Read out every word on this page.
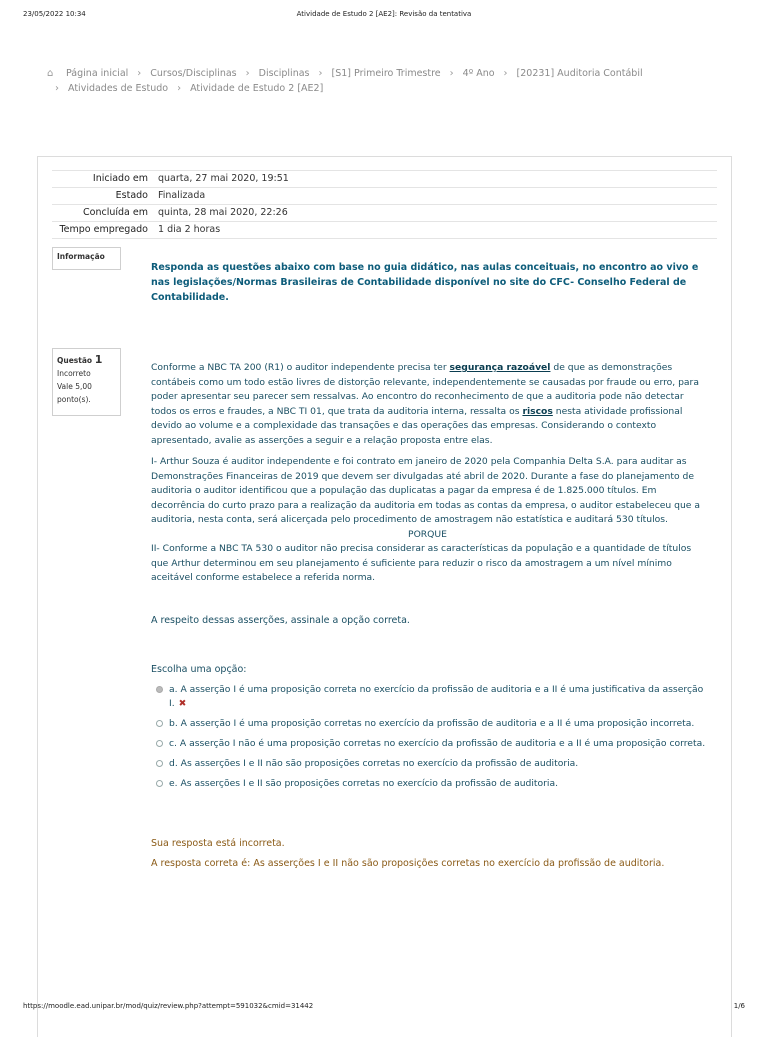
23/05/2022 10:34	Atividade de Estudo 2 [AE2]: Revisão da tentativa
⌂	Página inicial › Cursos/Disciplinas › Disciplinas › [S1] Primeiro Trimestre › 4º Ano › [20231] Auditoria Contábil
› Atividades de Estudo › Atividade de Estudo 2 [AE2]
Iniciado em	quarta, 27 mai 2020, 19:51
Estado	Finalizada
Concluída em	quinta, 28 mai 2020, 22:26
Tempo empregado	1 dia 2 horas
Informação
Responda as questões abaixo com base no guia didático, nas aulas conceituais, no encontro ao vivo e nas legislações/Normas Brasileiras de Contabilidade disponível no site do CFC- Conselho Federal de Contabilidade.
Questão 1
Incorreto
Vale 5,00 ponto(s).

Conforme a NBC TA 200 (R1) o auditor independente precisa ter segurança razoável de que as demonstrações contábeis como um todo estão livres de distorção relevante, independentemente se causadas por fraude ou erro, para poder apresentar seu parecer sem ressalvas. Ao encontro do reconhecimento de que a auditoria pode não detectar todos os erros e fraudes, a NBC TI 01, que trata da auditoria interna, ressalta os riscos nesta atividade profissional devido ao volume e a complexidade das transações e das operações das empresas. Considerando o contexto apresentado, avalie as asserções a seguir e a relação proposta entre elas.

I- Arthur Souza é auditor independente e foi contrato em janeiro de 2020 pela Companhia Delta S.A. para auditar as Demonstrações Financeiras de 2019 que devem ser divulgadas até abril de 2020. Durante a fase do planejamento de auditoria o auditor identificou que a população das duplicatas a pagar da empresa é de 1.825.000 títulos. Em decorrência do curto prazo para a realização da auditoria em todas as contas da empresa, o auditor estabeleceu que a auditoria, nesta conta, será alicerçada pelo procedimento de amostragem não estatística e auditará 530 títulos.

PORQUE

II- Conforme a NBC TA 530 o auditor não precisa considerar as características da população e a quantidade de títulos que Arthur determinou em seu planejamento é suficiente para reduzir o risco da amostragem a um nível mínimo aceitável conforme estabelece a referida norma.

A respeito dessas asserções, assinale a opção correta.
Escolha uma opção:
a. A asserção I é uma proposição correta no exercício da profissão de auditoria e a II é uma justificativa da asserção I. ✖
b. A asserção I é uma proposição corretas no exercício da profissão de auditoria e a II é uma proposição incorreta.
c. A asserção I não é uma proposição corretas no exercício da profissão de auditoria e a II é uma proposição correta.
d. As asserções I e II não são proposições corretas no exercício da profissão de auditoria.
e. As asserções I e II são proposições corretas no exercício da profissão de auditoria.
Sua resposta está incorreta.
A resposta correta é: As asserções I e II não são proposições corretas no exercício da profissão de auditoria.
https://moodle.ead.unipar.br/mod/quiz/review.php?attempt=591032&cmid=31442	1/6
